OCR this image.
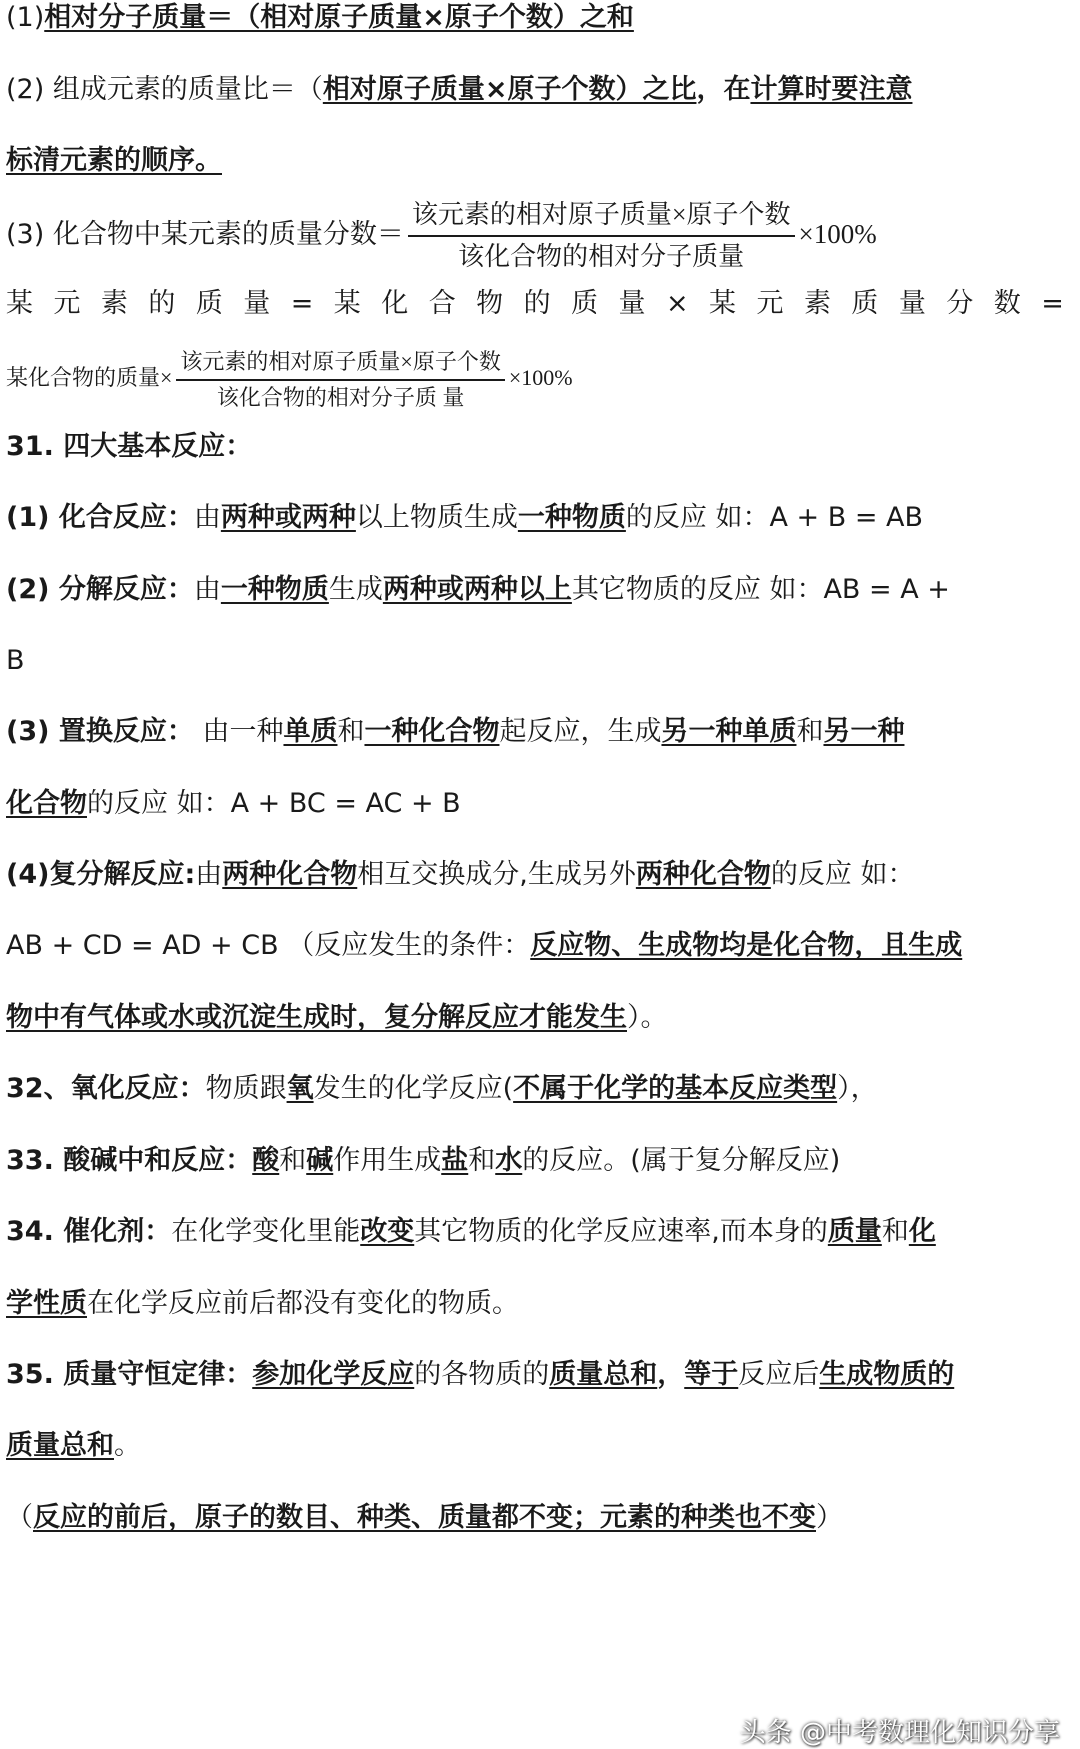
(1)相对分子质量＝（相对原子质量×原子个数）之和
(2) 组成元素的质量比＝（相对原子质量×原子个数）之比，在计算时要注意
标清元素的顺序。
(3) 化合物中某元素的质量分数＝ $\frac{\text{该元素的相对原子质量×原子个数}}{\text{该化合物的相对分子质量}} \times 100\%$
某 元 素 的 质 量 = 某 化 合 物 的 质 量 × 某 元 素 质 量 分 数 =
某化合物的质量× $\frac{\text{该元素的相对原子质量×原子个数}}{\text{该化合物的相对分子质 量}} \times 100\%$
31. 四大基本反应：
(1) 化合反应：由两种或两种以上物质生成一种物质的反应 如：A + B = AB
(2) 分解反应：由一种物质生成两种或两种以上其它物质的反应 如：AB = A +
B
(3) 置换反应： 由一种单质和一种化合物起反应，生成另一种单质和另一种
化合物的反应 如：A + BC = AC + B
(4)复分解反应:由两种化合物相互交换成分,生成另外两种化合物的反应 如：
AB + CD = AD + CB （反应发生的条件：反应物、生成物均是化合物，且生成
物中有气体或水或沉淀生成时，复分解反应才能发生）。
32、氧化反应：物质跟氧发生的化学反应(不属于化学的基本反应类型），
33. 酸碱中和反应：酸和碱作用生成盐和水的反应。(属于复分解反应)
34. 催化剂：在化学变化里能改变其它物质的化学反应速率,而本身的质量和化
学性质在化学反应前后都没有变化的物质。
35. 质量守恒定律：参加化学反应的各物质的质量总和，等于反应后生成物质的
质量总和。
（反应的前后，原子的数目、种类、质量都不变；元素的种类也不变）
头条 @中考数理化知识分享
